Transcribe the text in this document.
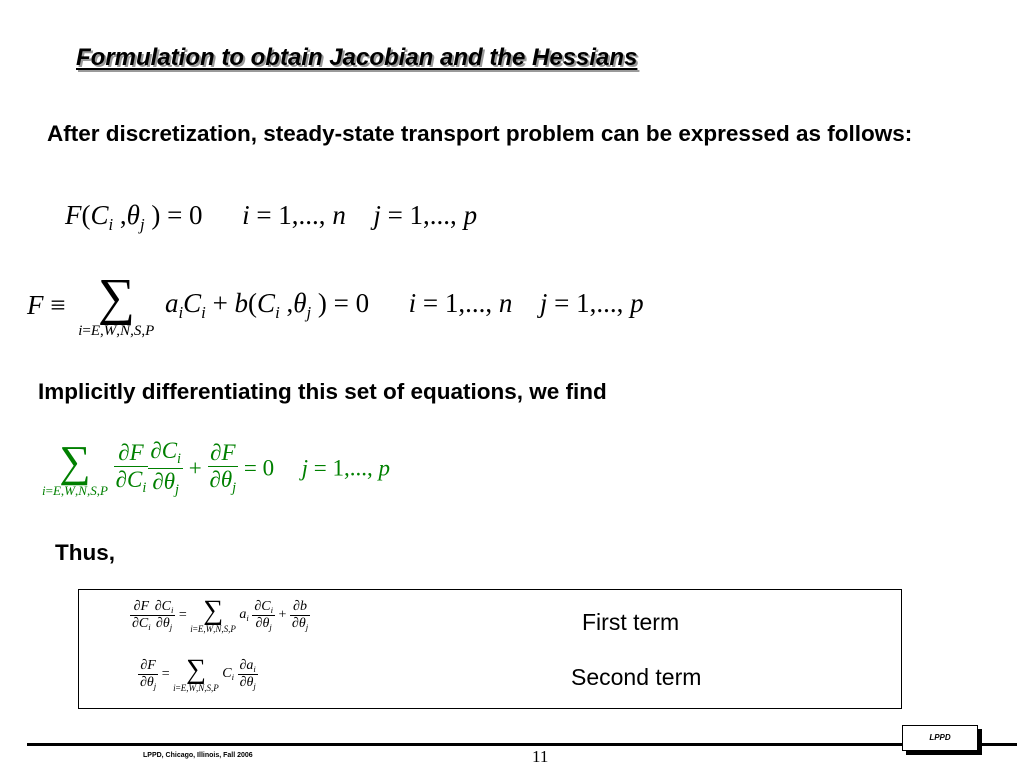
Formulation to obtain Jacobian and the Hessians
After discretization, steady-state transport problem can be expressed as follows:
$F(C_i$ $,\theta_j$ ) = 0  i = 1,..., n  j = 1,..., p
F ≡ ∑
i=E,W,N,S,P
$a_iC_i + b(C_i$ $,\theta_j$ ) = 0  i = 1,..., n  j = 1,..., p
Implicitly differentiating this set of equations, we find
∑
i=E,W,N,S,P
$\frac{\partial F}{\partial C_i} \frac{\partial C_i}{\partial\theta_j} + \frac{\partial F}{\partial\theta_j} = 0$ j = 1,..., p
Thus,
$\frac{\partial F}{\partial C_i} \frac{\partial C_i}{\partial\theta_j}$ = ∑
i=E,W,N,S,P
$a_i \frac{\partial C_i}{\partial\theta_j} + \frac{\partial b}{\partial\theta_j}$
$\frac{\partial F}{\partial\theta_j}$ = ∑
i=E,W,N,S,P
$C_i \frac{\partial a_i}{\partial\theta_j}$
First term
Second term
LPPD, Chicago, Illinois, Fall 2006	11
LPPD
